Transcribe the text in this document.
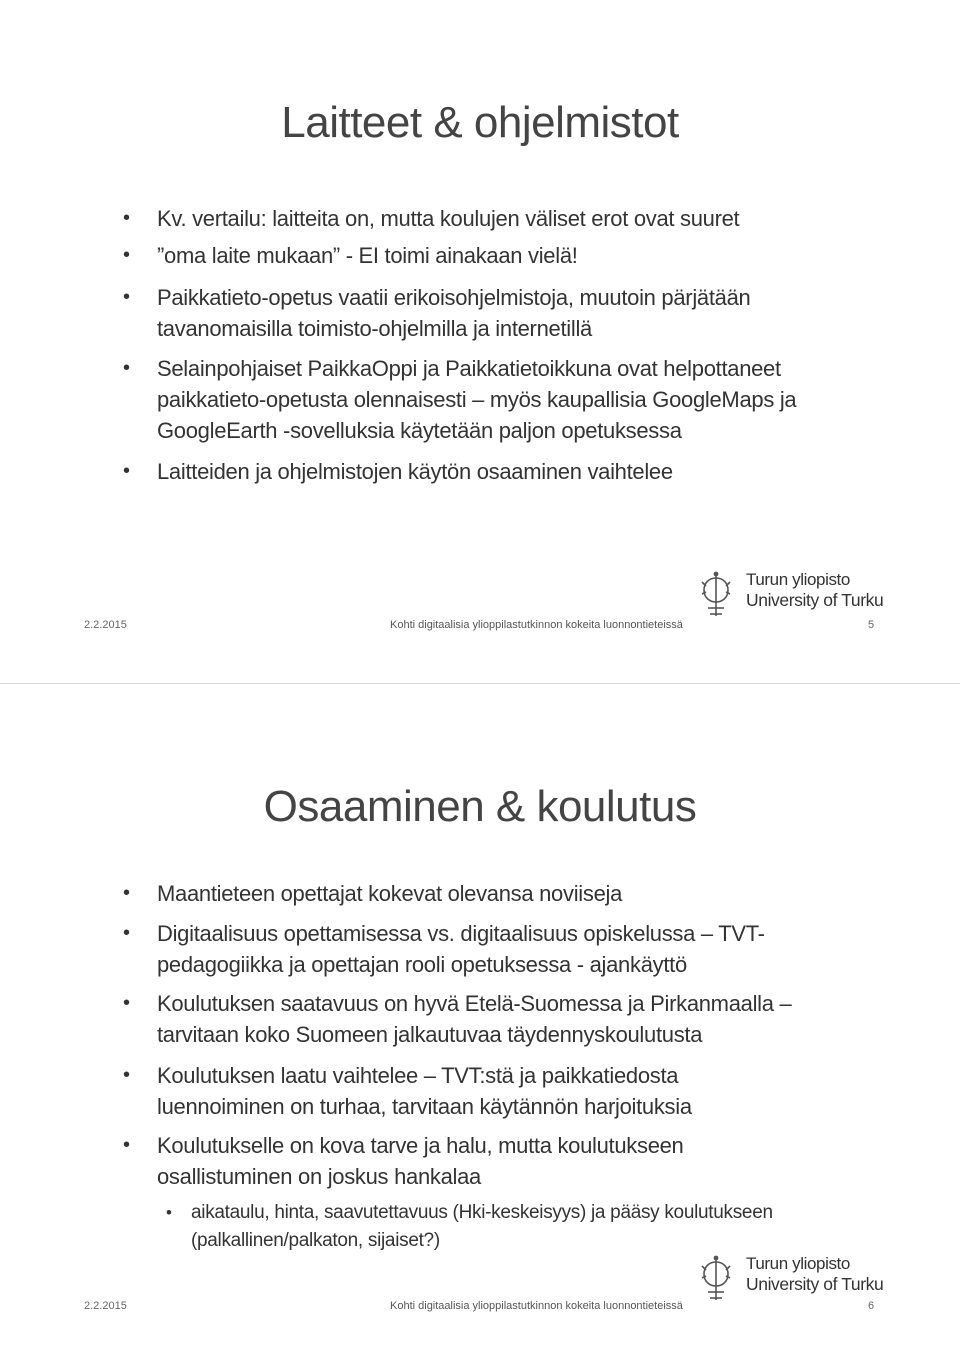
Laitteet & ohjelmistot
• Kv. vertailu: laitteita on, mutta koulujen väliset erot ovat suuret
• ”oma laite mukaan” - EI toimi ainakaan vielä!
• Paikkatieto-opetus vaatii erikoisohjelmistoja, muutoin pärjätään
tavanomaisilla toimisto-ohjelmilla ja internetillä
• Selainpohjaiset PaikkaOppi ja Paikkatietoikkuna ovat helpottaneet
paikkatieto-opetusta olennaisesti – myös kaupallisia GoogleMaps ja
GoogleEarth -sovelluksia käytetään paljon opetuksessa
• Laitteiden ja ohjelmistojen käytön osaaminen vaihtelee
Turun yliopisto
University of Turku
2.2.2015	Kohti digitaalisia ylioppilastutkinnon kokeita luonnontieteissä	5
Osaaminen & koulutus
• Maantieteen opettajat kokevat olevansa noviiseja
• Digitaalisuus opettamisessa vs. digitaalisuus opiskelussa – TVT-
pedagogiikka ja opettajan rooli opetuksessa - ajankäyttö
• Koulutuksen saatavuus on hyvä Etelä-Suomessa ja Pirkanmaalla –
tarvitaan koko Suomeen jalkautuvaa täydennyskoulutusta
• Koulutuksen laatu vaihtelee – TVT:stä ja paikkatiedosta
luennoiminen on turhaa, tarvitaan käytännön harjoituksia
• Koulutukselle on kova tarve ja halu, mutta koulutukseen
osallistuminen on joskus hankalaa
• aikataulu, hinta, saavutettavuus (Hki-keskeisyys) ja pääsy koulutukseen
(palkallinen/palkaton, sijaiset?)
Turun yliopisto
University of Turku
2.2.2015	Kohti digitaalisia ylioppilastutkinnon kokeita luonnontieteissä	6
